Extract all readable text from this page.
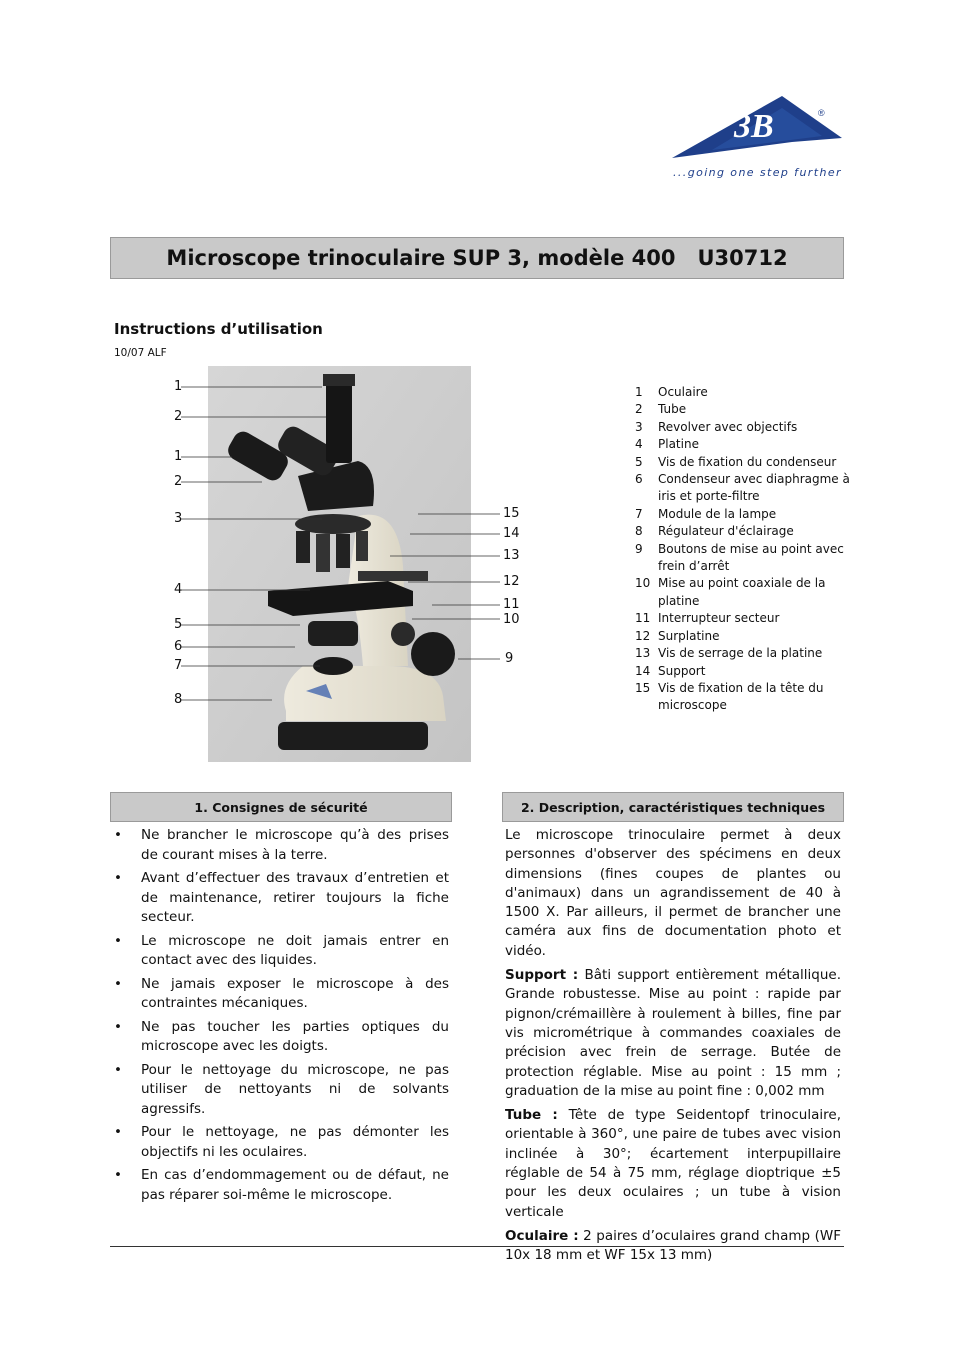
3B	®
...going one step further
Microscope trinoculaire SUP 3, modèle 400   U30712
Instructions d’utilisation
10/07 ALF
1
2
1
2
3
4
5
6
7
8
15
14
13
12
11
10
9
1	Oculaire
2	Tube
3	Revolver avec objectifs
4	Platine
5	Vis de fixation du condenseur
6	Condenseur avec diaphragme à iris et porte-filtre
7	Module de la lampe
8	Régulateur d'éclairage
9	Boutons de mise au point avec frein d’arrêt
10 Mise au point coaxiale de la platine
11 Interrupteur secteur
12 Surplatine
13 Vis de serrage de la platine
14 Support
15 Vis de fixation de la tête du microscope
1. Consignes de sécurité	2. Description, caractéristiques techniques
•	Ne brancher le microscope qu’à des prises de courant mises à la terre.
•	Avant d’effectuer des travaux d’entretien et de maintenance, retirer toujours la fiche secteur.
•	Le microscope ne doit jamais entrer en contact avec des liquides.
•	Ne jamais exposer le microscope à des contraintes mécaniques.
•	Ne pas toucher les parties optiques du microscope avec les doigts.
•	Pour le nettoyage du microscope, ne pas utiliser de nettoyants ni de solvants agressifs.
•	Pour le nettoyage, ne pas démonter les objectifs ni les oculaires.
•	En cas d’endommagement ou de défaut, ne pas réparer soi-même le microscope.

Le microscope trinoculaire permet à deux personnes d'observer des spécimens en deux dimensions (fines coupes de plantes ou d'animaux) dans un agrandissement de 40 à 1500 X. Par ailleurs, il permet de brancher une caméra aux fins de documentation photo et vidéo.

Support : Bâti support entièrement métallique. Grande robustesse. Mise au point : rapide par pignon/crémaillère à roulement à billes, fine par vis micrométrique à commandes coaxiales de précision avec frein de serrage. Butée de protection réglable. Mise au point : 15 mm ; graduation de la mise au point fine : 0,002 mm

Tube : Tête de type Seidentopf trinoculaire, orientable à 360°, une paire de tubes avec vision inclinée à 30°; écartement interpupillaire réglable de 54 à 75 mm, réglage dioptrique ±5 pour les deux oculaires ; un tube à vision verticale

Oculaire : 2 paires d’oculaires grand champ (WF 10x 18 mm et WF 15x 13 mm)
